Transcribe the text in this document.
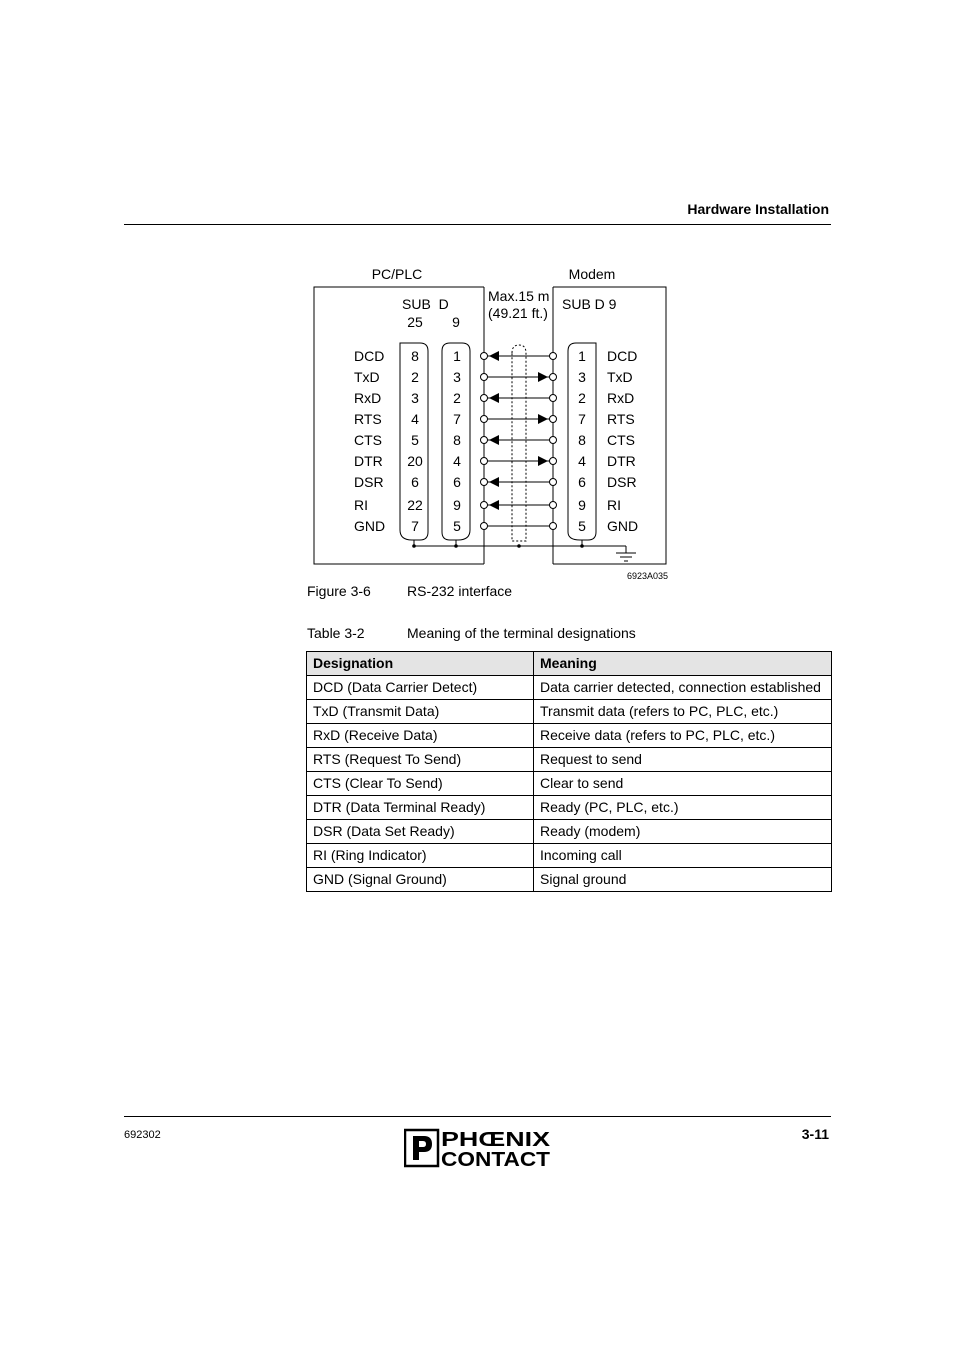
Hardware Installation
PC/PLC	Modem
SUB  D
25 9
Max.15 m
(49.21 ft.)
SUB D 9
6923A035
DCD 8 1	1 DCD
TxD 2 3	3 TxD
RxD 3 2	2 RxD
RTS 4 7	7 RTS
CTS 5 8	8 CTS
DTR 20 4	4 DTR
DSR 6 6	6 DSR
RI	22 9	9 RI
GND 7 5	5 GND
Figure 3-6	RS-232 interface
Table 3-2	Meaning of the terminal designations
Designation	Meaning
DCD (Data Carrier Detect)	Data carrier detected, connection established
TxD (Transmit Data)	Transmit data (refers to PC, PLC, etc.)
RxD (Receive Data)	Receive data (refers to PC, PLC, etc.)
RTS (Request To Send)	Request to send
CTS (Clear To Send)	Clear to send
DTR (Data Terminal Ready)	Ready (PC, PLC, etc.)
DSR (Data Set Ready)	Ready (modem)
RI (Ring Indicator)	Incoming call
GND (Signal Ground)	Signal ground
692302	PHŒNIX
CONTACT
3-11
